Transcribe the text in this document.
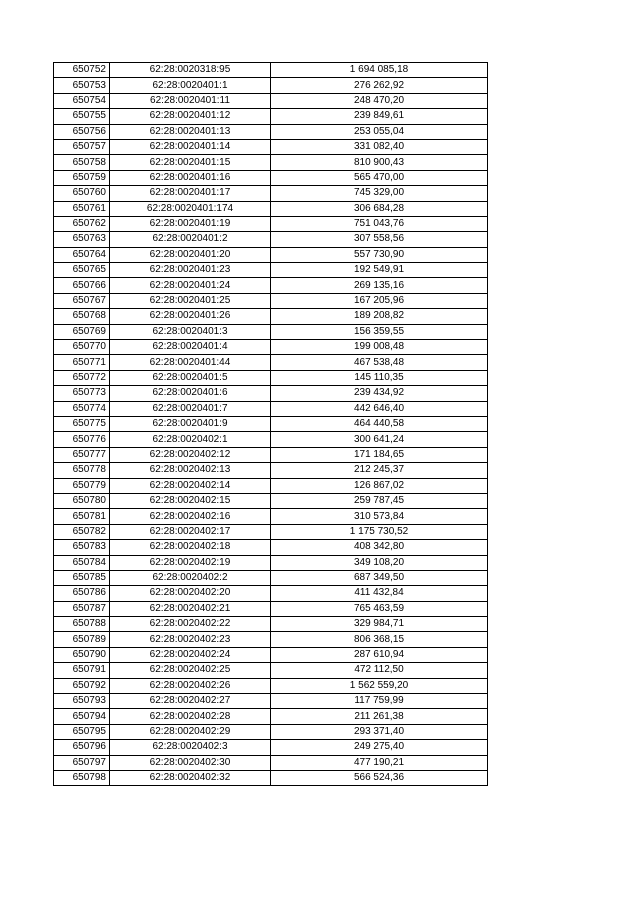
650752	62:28:0020318:95	1 694 085,18
650753	62:28:0020401:1	276 262,92
650754	62:28:0020401:11	248 470,20
650755	62:28:0020401:12	239 849,61
650756	62:28:0020401:13	253 055,04
650757	62:28:0020401:14	331 082,40
650758	62:28:0020401:15	810 900,43
650759	62:28:0020401:16	565 470,00
650760	62:28:0020401:17	745 329,00
650761	62:28:0020401:174	306 684,28
650762	62:28:0020401:19	751 043,76
650763	62:28:0020401:2	307 558,56
650764	62:28:0020401:20	557 730,90
650765	62:28:0020401:23	192 549,91
650766	62:28:0020401:24	269 135,16
650767	62:28:0020401:25	167 205,96
650768	62:28:0020401:26	189 208,82
650769	62:28:0020401:3	156 359,55
650770	62:28:0020401:4	199 008,48
650771	62:28:0020401:44	467 538,48
650772	62:28:0020401:5	145 110,35
650773	62:28:0020401:6	239 434,92
650774	62:28:0020401:7	442 646,40
650775	62:28:0020401:9	464 440,58
650776	62:28:0020402:1	300 641,24
650777	62:28:0020402:12	171 184,65
650778	62:28:0020402:13	212 245,37
650779	62:28:0020402:14	126 867,02
650780	62:28:0020402:15	259 787,45
650781	62:28:0020402:16	310 573,84
650782	62:28:0020402:17	1 175 730,52
650783	62:28:0020402:18	408 342,80
650784	62:28:0020402:19	349 108,20
650785	62:28:0020402:2	687 349,50
650786	62:28:0020402:20	411 432,84
650787	62:28:0020402:21	765 463,59
650788	62:28:0020402:22	329 984,71
650789	62:28:0020402:23	806 368,15
650790	62:28:0020402:24	287 610,94
650791	62:28:0020402:25	472 112,50
650792	62:28:0020402:26	1 562 559,20
650793	62:28:0020402:27	117 759,99
650794	62:28:0020402:28	211 261,38
650795	62:28:0020402:29	293 371,40
650796	62:28:0020402:3	249 275,40
650797	62:28:0020402:30	477 190,21
650798	62:28:0020402:32	566 524,36
